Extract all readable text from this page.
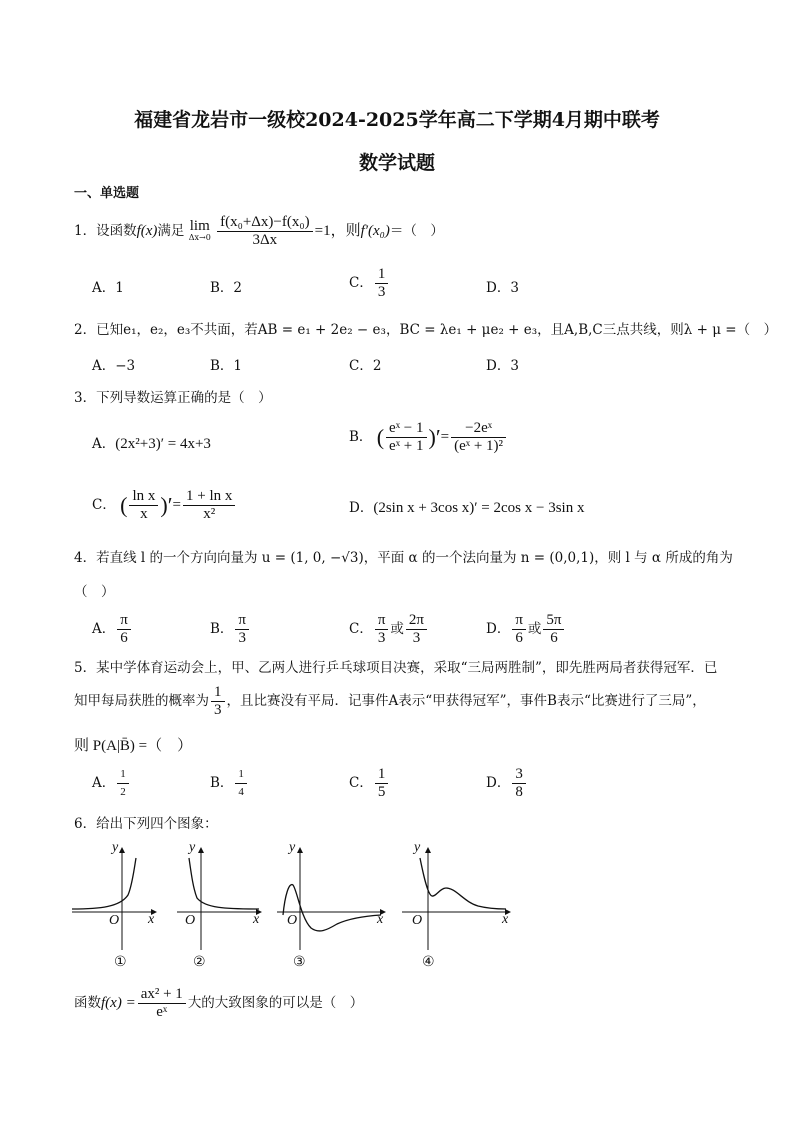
福建省龙岩市一级校2024-2025学年高二下学期4月期中联考
数学试题
一、单选题
1．设函数f(x)满足 lim
Δx→0
$\frac{\text{f(x₀+Δx)−f(x₀)}}{3\Delta x} =1$，则f′(x₀)＝（　）
A．1	B．2	C． $\frac{1}{3}$	D．3
2．已知e₁，e₂，e₃不共面，若AB = e₁ + 2e₂ − e₃，BC = λe₁ + μe₂ + e₃，且A,B,C三点共线，则λ + μ =（　）
A．−3	B．1	C．2	D．3
3．下列导数运算正确的是（　）
A．(2x²+3)′ = 4x+3	B． ( $\frac{\text{eˣ − 1}}{\text{eˣ + 1}}$ )′= $\frac{\text{−2eˣ}}{\text{(eˣ + 1)²}}$
C． ( $\frac{\text{ln x}}{x}$ )′= $\frac{\text{1 + ln x}}{\text{x²}}$	D．(2sin x + 3cos x)′ = 2cos x − 3sin x
4．若直线 l 的一个方向向量为 u = (1, 0, −√3)，平面 α 的一个法向量为 n = (0,0,1)，则 l 与 α 所成的角为
（　）
A． $\frac{\pi}{6}$	B． $\frac{\pi}{3}$	C． $\frac{\pi}{3}$ 或 $\frac{2\pi}{3}$	D． $\frac{\pi}{6}$ 或 $\frac{5\pi}{6}$
5．某中学体育运动会上，甲、乙两人进行乒乓球项目决赛，采取“三局两胜制”，即先胜两局者获得冠军．已
知甲每局获胜的概率为 $\frac{1}{3}$ ，且比赛没有平局．记事件A表示“甲获得冠军”，事件B表示“比赛进行了三局”，
则 P(A|B̄) =（　）
A． $\frac{1}{2}$	B． $\frac{1}{4}$	C． $\frac{1}{5}$	D． $\frac{3}{8}$
6．给出下列四个图象：
y
x
O
①
y
x
O
②
y
x
O
③
y
x
O
④
函数$f(x) = \frac{\text{ax² + 1}}{\text{eˣ}}$ 大的大致图象的可以是（　）
